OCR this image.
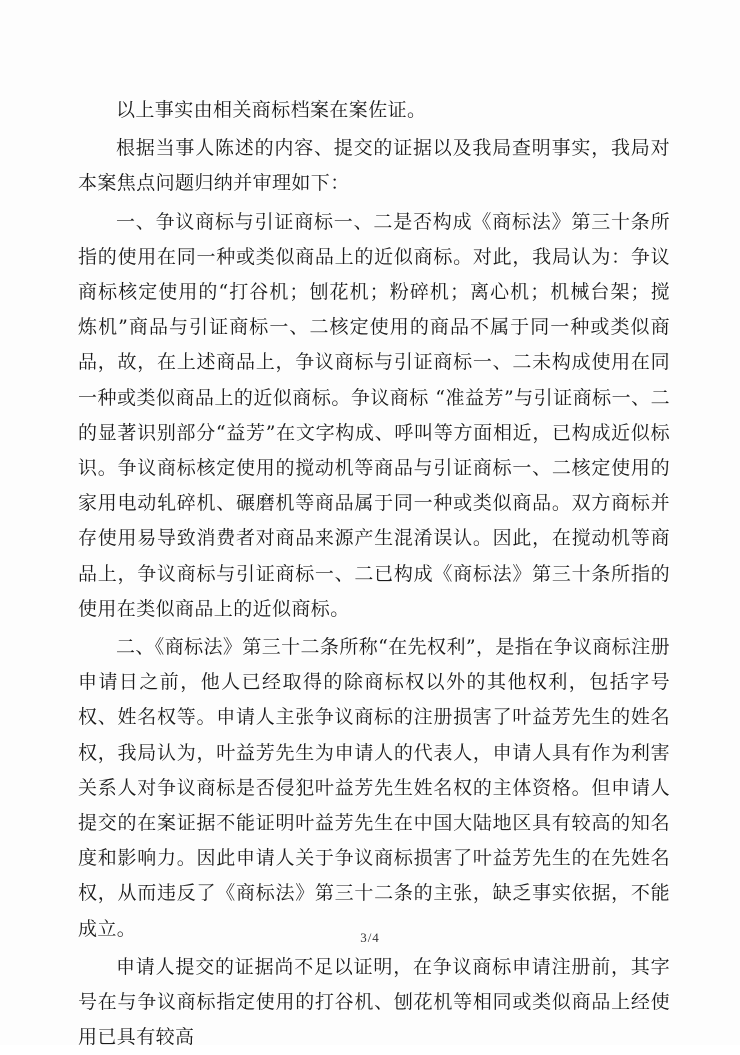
以上事实由相关商标档案在案佐证。

根据当事人陈述的内容、提交的证据以及我局查明事实，我局对本案焦点问题归纳并审理如下：

一、争议商标与引证商标一、二是否构成《商标法》第三十条所指的使用在同一种或类似商品上的近似商标。对此，我局认为：争议商标核定使用的“打谷机；刨花机；粉碎机；离心机；机械台架；搅炼机”商品与引证商标一、二核定使用的商品不属于同一种或类似商品，故，在上述商品上，争议商标与引证商标一、二未构成使用在同一种或类似商品上的近似商标。争议商标 “准益芳”与引证商标一、二的显著识别部分“益芳”在文字构成、呼叫等方面相近，已构成近似标识。争议商标核定使用的搅动机等商品与引证商标一、二核定使用的家用电动轧碎机、碾磨机等商品属于同一种或类似商品。双方商标并存使用易导致消费者对商品来源产生混淆误认。因此，在搅动机等商品上，争议商标与引证商标一、二已构成《商标法》第三十条所指的使用在类似商品上的近似商标。

二、《商标法》第三十二条所称“在先权利”，是指在争议商标注册申请日之前，他人已经取得的除商标权以外的其他权利，包括字号权、姓名权等。申请人主张争议商标的注册损害了叶益芳先生的姓名权，我局认为，叶益芳先生为申请人的代表人，申请人具有作为利害关系人对争议商标是否侵犯叶益芳先生姓名权的主体资格。但申请人提交的在案证据不能证明叶益芳先生在中国大陆地区具有较高的知名度和影响力。因此申请人关于争议商标损害了叶益芳先生的在先姓名权，从而违反了《商标法》第三十二条的主张，缺乏事实依据，不能成立。

申请人提交的证据尚不足以证明，在争议商标申请注册前，其字号在与争议商标指定使用的打谷机、刨花机等相同或类似商品上经使用已具有较高

3/4
